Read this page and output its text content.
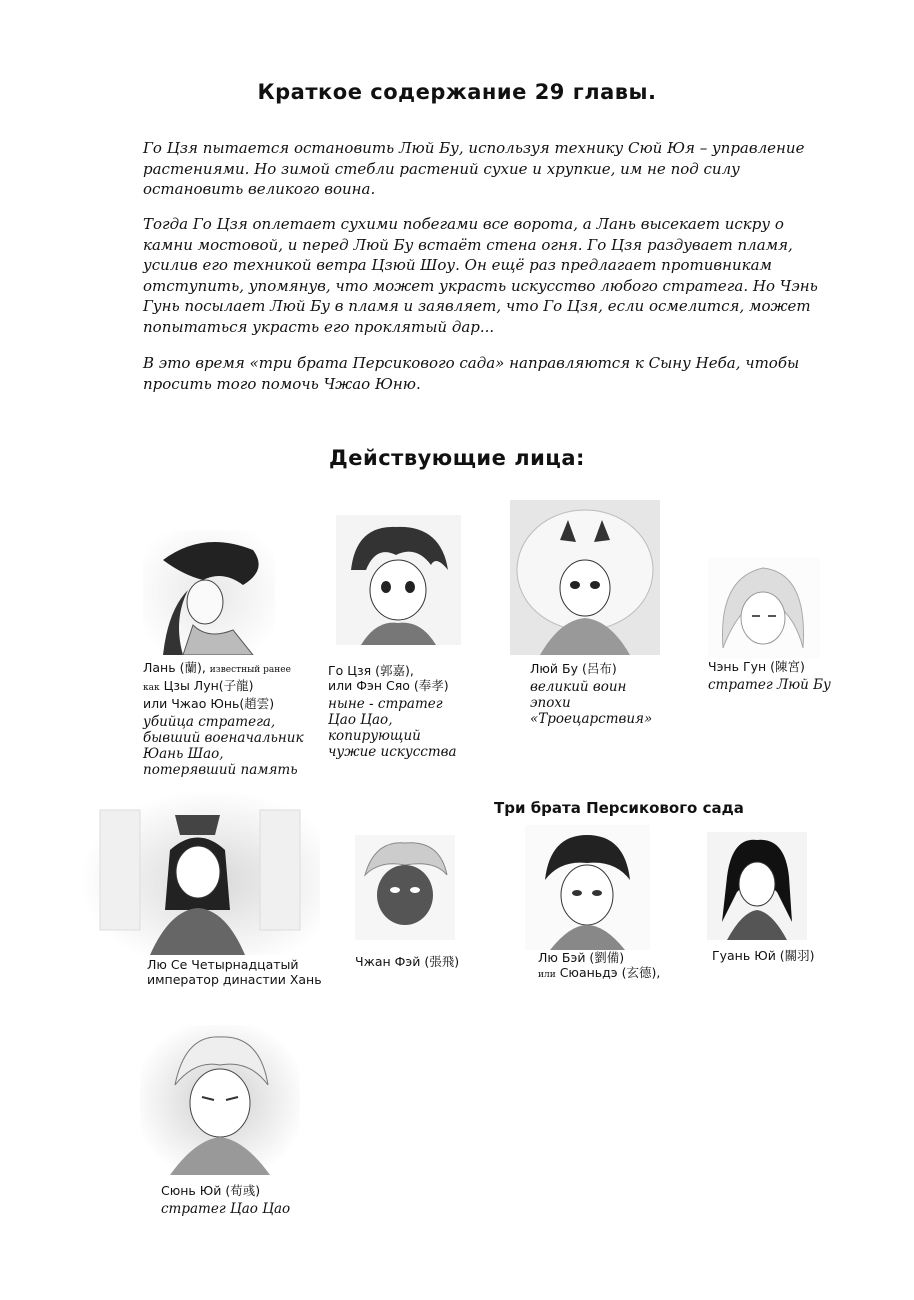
Краткое содержание 29 главы.
Го Цзя пытается остановить Люй Бу, используя технику Сюй Юя – управление растениями. Но зимой стебли растений сухие и хрупкие, им не под силу остановить великого воина.
Тогда Го Цзя оплетает сухими побегами все ворота, а Лань высекает искру о камни мостовой, и перед Люй Бу встаёт стена огня. Го Цзя раздувает пламя, усилив его техникой ветра Цзюй Шоу. Он ещё раз предлагает противникам отступить, упомянув, что может украсть искусство любого стратега. Но Чэнь Гунь посылает Люй Бу в пламя и заявляет, что Го Цзя, если осмелится, может попытаться украсть его проклятый дар...
В это время «три брата Персикового сада» направляются к Сыну Неба, чтобы просить того помочь Чжао Юню.
Действующие лица:
Лань (蘭), известный ранее
как Цзы Лун(子龍)
или Чжао Юнь(趙雲)
убийца стратега, бывший военачальник Юань Шао, потерявший память
Го Цзя (郭嘉),
или Фэн Сяо (奉孝)
ныне - стратег Цао Цао, копирующий чужие искусства
Люй Бу (呂布)
великий воин эпохи «Троецарствия»
Чэнь Гун (陳宮)
стратег Люй Бу
Три брата Персикового сада
Лю Се Четырнадцатый
император династии Хань
Чжан Фэй (張飛)	Лю Бэй (劉備)
или Сюаньдэ (玄德),
Гуань Юй (關羽)
Сюнь Юй (荀彧)
стратег Цао Цао
